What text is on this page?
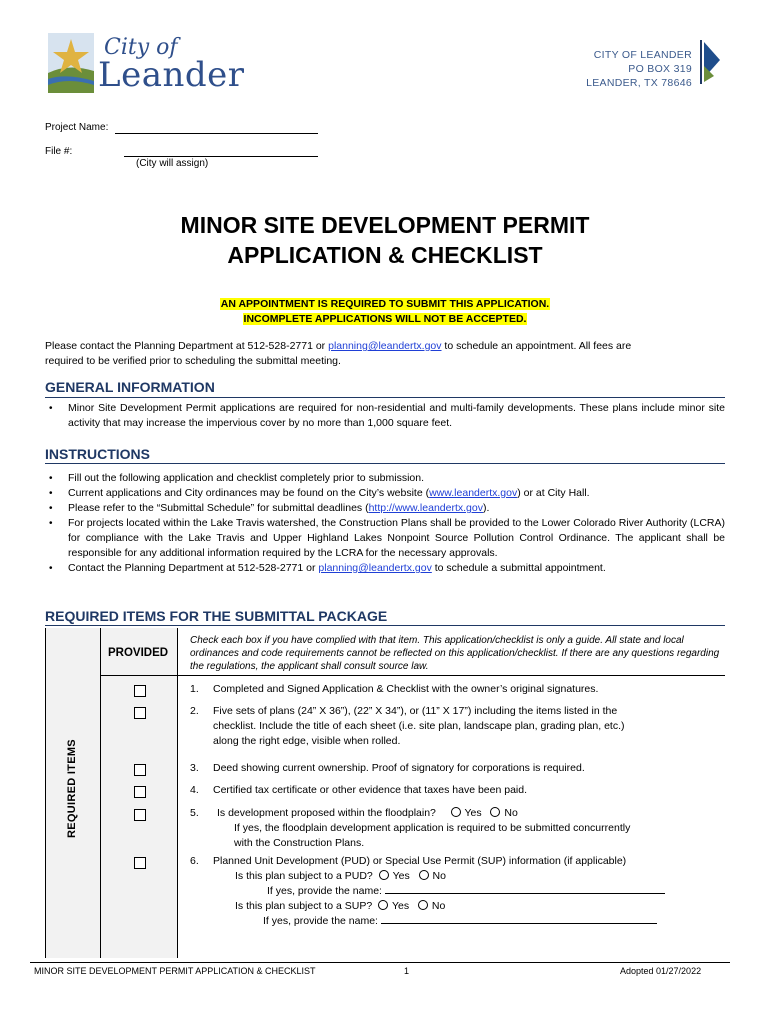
City of
Leander	CITY OF LEANDER
PO BOX 319
LEANDER, TX 78646
Project Name:
File #:
(City will assign)
MINOR SITE DEVELOPMENT PERMIT
APPLICATION & CHECKLIST
AN APPOINTMENT IS REQUIRED TO SUBMIT THIS APPLICATION.
INCOMPLETE APPLICATIONS WILL NOT BE ACCEPTED.
Please contact the Planning Department at 512-528-2771 or planning@leandertx.gov to schedule an appointment. All fees are
required to be verified prior to scheduling the submittal meeting.
GENERAL INFORMATION
• Minor Site Development Permit applications are required for non-residential and multi-family developments. These plans include minor site activity that may increase the impervious cover by no more than 1,000 square feet.
INSTRUCTIONS
• Fill out the following application and checklist completely prior to submission.
• Current applications and City ordinances may be found on the City’s website (www.leandertx.gov) or at City Hall.
• Please refer to the “Submittal Schedule” for submittal deadlines (http://www.leandertx.gov).
• For projects located within the Lake Travis watershed, the Construction Plans shall be provided to the Lower Colorado River Authority (LCRA) for compliance with the Lake Travis and Upper Highland Lakes Nonpoint Source Pollution Control Ordinance. The applicant shall be responsible for any additional information required by the LCRA for the necessary approvals.
• Contact the Planning Department at 512-528-2771 or planning@leandertx.gov to schedule a submittal appointment.
REQUIRED ITEMS FOR THE SUBMITTAL PACKAGE
REQUIRED ITEMS
PROVIDED
Check each box if you have complied with that item. This application/checklist is only a guide. All state and local ordinances and code requirements cannot be reflected on this application/checklist. If there are any questions regarding the regulations, the applicant shall consult source law.
1. Completed and Signed Application & Checklist with the owner’s original signatures.
2. Five sets of plans (24” X 36”), (22” X 34”), or (11” X 17”) including the items listed in the
checklist. Include the title of each sheet (i.e. site plan, landscape plan, grading plan, etc.)
along the right edge, visible when rolled.
3. Deed showing current ownership. Proof of signatory for corporations is required.
4. Certified tax certificate or other evidence that taxes have been paid.
5. Is development proposed within the floodplain?	Yes No
If yes, the floodplain development application is required to be submitted concurrently
with the Construction Plans.
6. Planned Unit Development (PUD) or Special Use Permit (SUP) information (if applicable)
Is this plan subject to a PUD? Yes No
If yes, provide the name:
Is this plan subject to a SUP? Yes No
If yes, provide the name:
MINOR SITE DEVELOPMENT PERMIT APPLICATION & CHECKLIST	1	Adopted 01/27/2022
